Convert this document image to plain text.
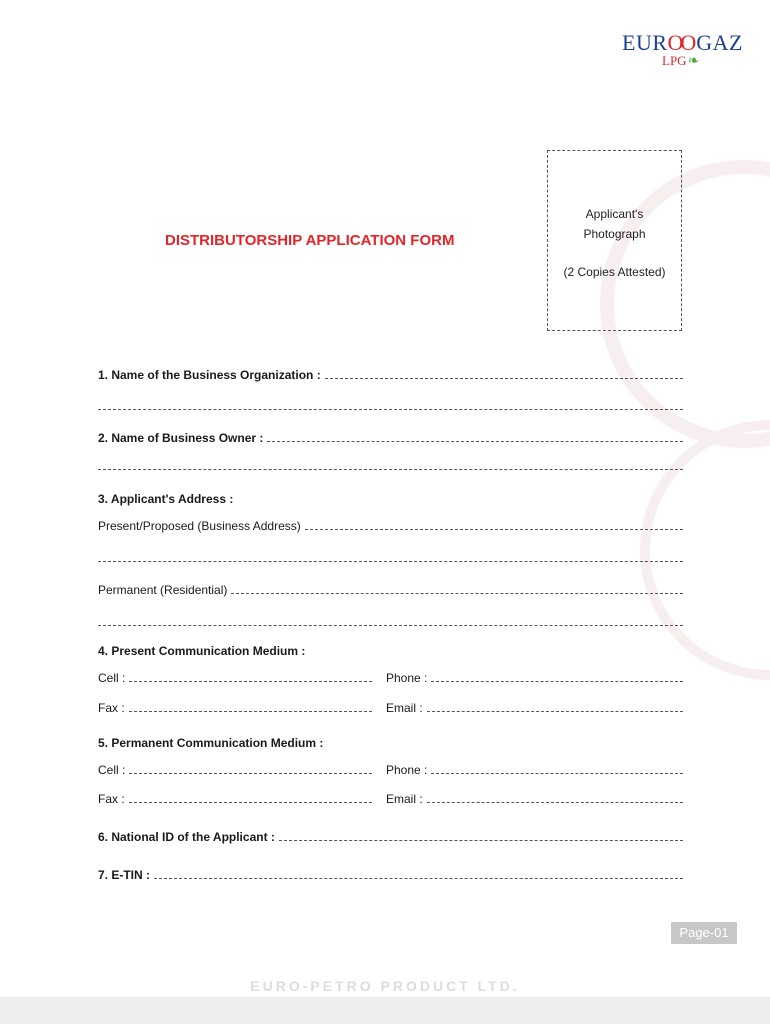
EUROO GAZ
LPG❧
Applicant's
Photograph
(2 Copies Attested)
DISTRIBUTORSHIP APPLICATION FORM
1. Name of the Business Organization :
2. Name of Business Owner :
3. Applicant's Address :
Present/Proposed (Business Address)
Permanent (Residential)
4. Present Communication Medium :
Cell :	Phone :
Fax :	Email :
5. Permanent Communication Medium :
Cell :	Phone :
Fax :	Email :
6. National ID of the Applicant :
7. E-TIN :
Page-01
EURO-PETRO PRODUCT LTD.
